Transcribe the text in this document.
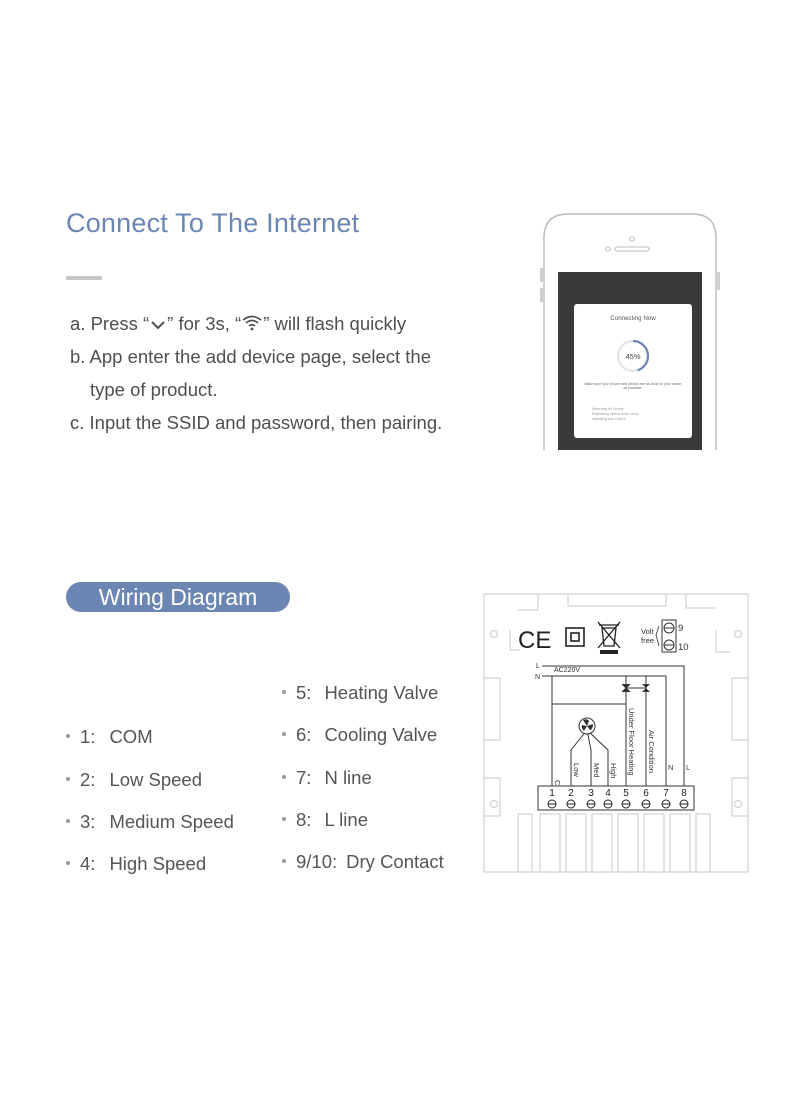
Connect To The Internet
a. Press “ ” for 3s, “ ” will flash quickly
b. App enter the add device page, select the
type of product.
c. Input the SSID and password, then pairing.
Connecting Now
45%
Make sure your phone and device are as close to your router as possible.
Searching for Device
Registering device to the cloud
Initializing your Device
Wiring Diagram
5: Heating Valve
1: COM	6: Cooling Valve
2: Low Speed	7: N line
3: Medium Speed	8: L line
4: High Speed	9/10: Dry Contact
CE	Volt
free
9
10
L
N
AC220V
Low Med High Under Floor Heating Air Condition N L
1 2 3 4 5 6 7 8
